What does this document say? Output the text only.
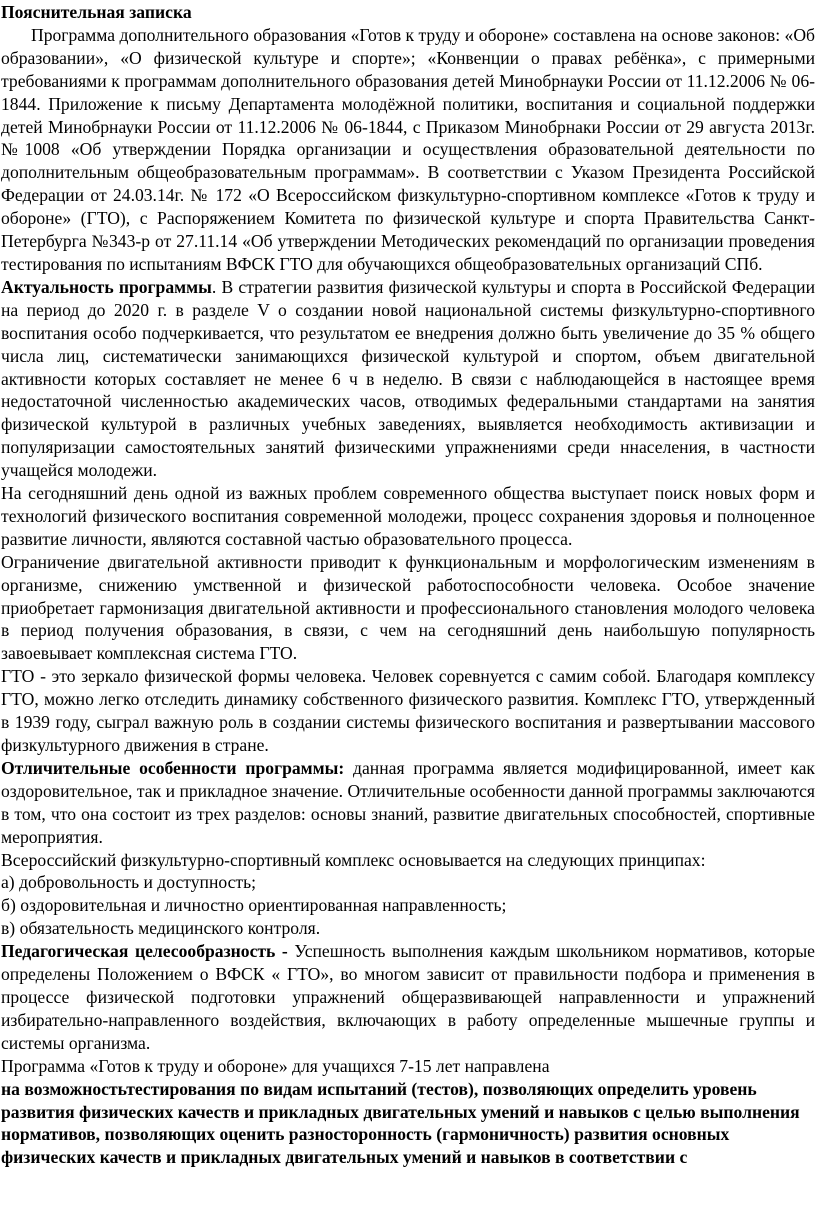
Пояснительная записка

Программа дополнительного образования «Готов к труду и обороне» составлена на основе законов: «Об образовании», «О физической культуре и спорте»; «Конвенции о правах ребёнка», с примерными требованиями к программам дополнительного образования детей Минобрнауки России от 11.12.2006 № 06-1844. Приложение к письму Департамента молодёжной политики, воспитания и социальной поддержки детей Минобрнауки России от 11.12.2006 № 06-1844, с Приказом Минобрнаки России от 29 августа 2013г. №1008 «Об утверждении Порядка организации и осуществления образовательной деятельности по дополнительным общеобразовательным программам». В соответствии с Указом Президента Российской Федерации от 24.03.14г. № 172 «О Всероссийском физкультурно-спортивном комплексе «Готов к труду и обороне» (ГТО), с Распоряжением Комитета по физической культуре и спорта Правительства Санкт-Петербурга №343-р от 27.11.14 «Об утверждении Методических рекомендаций по организации проведения тестирования по испытаниям ВФСК ГТО для обучающихся общеобразовательных организаций СПб.

Актуальность программы. В стратегии развития физической культуры и спорта в Российской Федерации на период до 2020 г. в разделе V о создании новой национальной системы физкультурно-спортивного воспитания особо подчеркивается, что результатом ее внедрения должно быть увеличение до 35 % общего числа лиц, систематически занимающихся физической культурой и спортом, объем двигательной активности которых составляет не менее 6 ч в неделю. В связи с наблюдающейся в настоящее время недостаточной численностью академических часов, отводимых федеральными стандартами на занятия физической культурой в различных учебных заведениях, выявляется необходимость активизации и популяризации самостоятельных занятий физическими упражнениями среди ннаселения, в частности учащейся молодежи.

На сегодняшний день одной из важных проблем современного общества выступает поиск новых форм и технологий физического воспитания современной молодежи, процесс сохранения здоровья и полноценное развитие личности, являются составной частью образовательного процесса.

Ограничение двигательной активности приводит к функциональным и морфологическим изменениям в организме, снижению умственной и физической работоспособности человека. Особое значение приобретает гармонизация двигательной активности и профессионального становления молодого человека в период получения образования, в связи, с чем на сегодняшний день наибольшую популярность завоевывает комплексная система ГТО.

ГТО - это зеркало физической формы человека. Человек соревнуется с самим собой. Благодаря комплексу ГТО, можно легко отследить динамику собственного физического развития. Комплекс ГТО, утвержденный в 1939 году, сыграл важную роль в создании системы физического воспитания и развертывании массового физкультурного движения в стране.

Отличительные особенности программы: данная программа является модифицированной, имеет как оздоровительное, так и прикладное значение. Отличительные особенности данной программы заключаются в том, что она состоит из трех разделов: основы знаний, развитие двигательных способностей, спортивные мероприятия.

Всероссийский физкультурно-спортивный комплекс основывается на следующих принципах:

а) добровольность и доступность;

б) оздоровительная и личностно ориентированная направленность;

в) обязательность медицинского контроля.

Педагогическая целесообразность - Успешность выполнения каждым школьником нормативов, которые определены Положением о ВФСК « ГТО», во многом зависит от правильности подбора и применения в процессе физической подготовки упражнений общеразвивающей направленности и упражнений избирательно-направленного воздействия, включающих в работу определенные мышечные группы и системы организма.

Программа «Готов к труду и обороне» для учащихся 7-15 лет направлена

на возможностьтестирования по видам испытаний (тестов), позволяющих определить уровень развития физических качеств и прикладных двигательных умений и навыков с целью выполнения нормативов, позволяющих оценить разносторонность (гармоничность) развития основных физических качеств и прикладных двигательных умений и навыков в соответствии с
